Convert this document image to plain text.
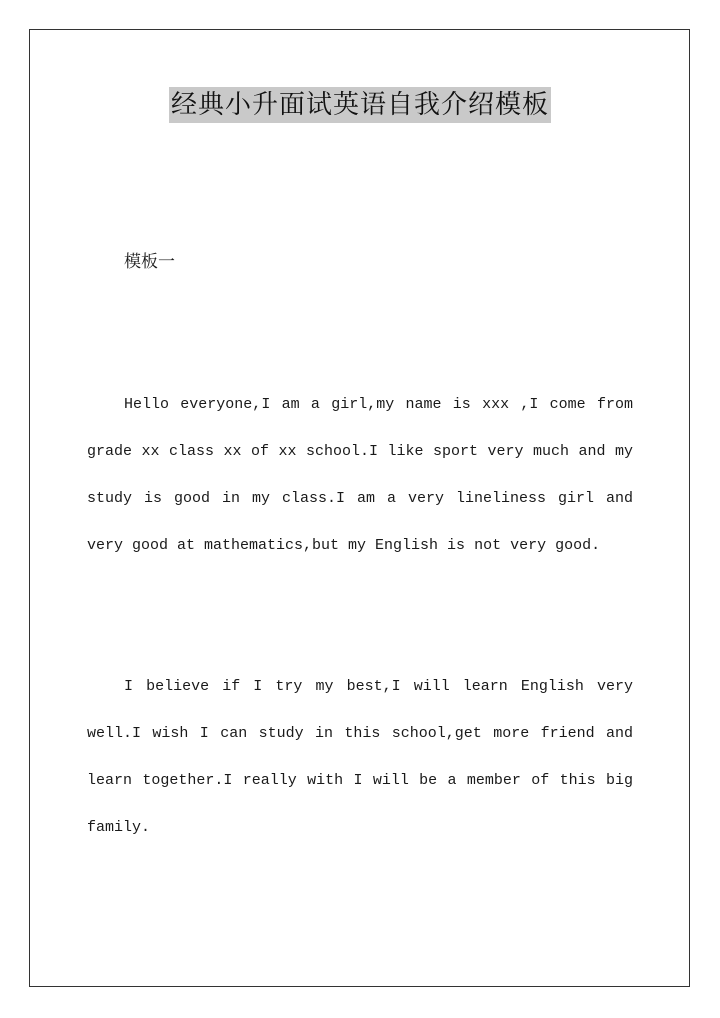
经典小升面试英语自我介绍模板
模板一

Hello everyone,I am a girl,my name is xxx ,I come from grade xx class xx of xx school.I like sport very much and my study is good in my class.I am a very lineliness girl and very good at mathematics,but my English is not very good.

I believe if I try my best,I will learn English very well.I wish I can study in this school,get more friend and learn together.I really with I will be a member of this big family.
